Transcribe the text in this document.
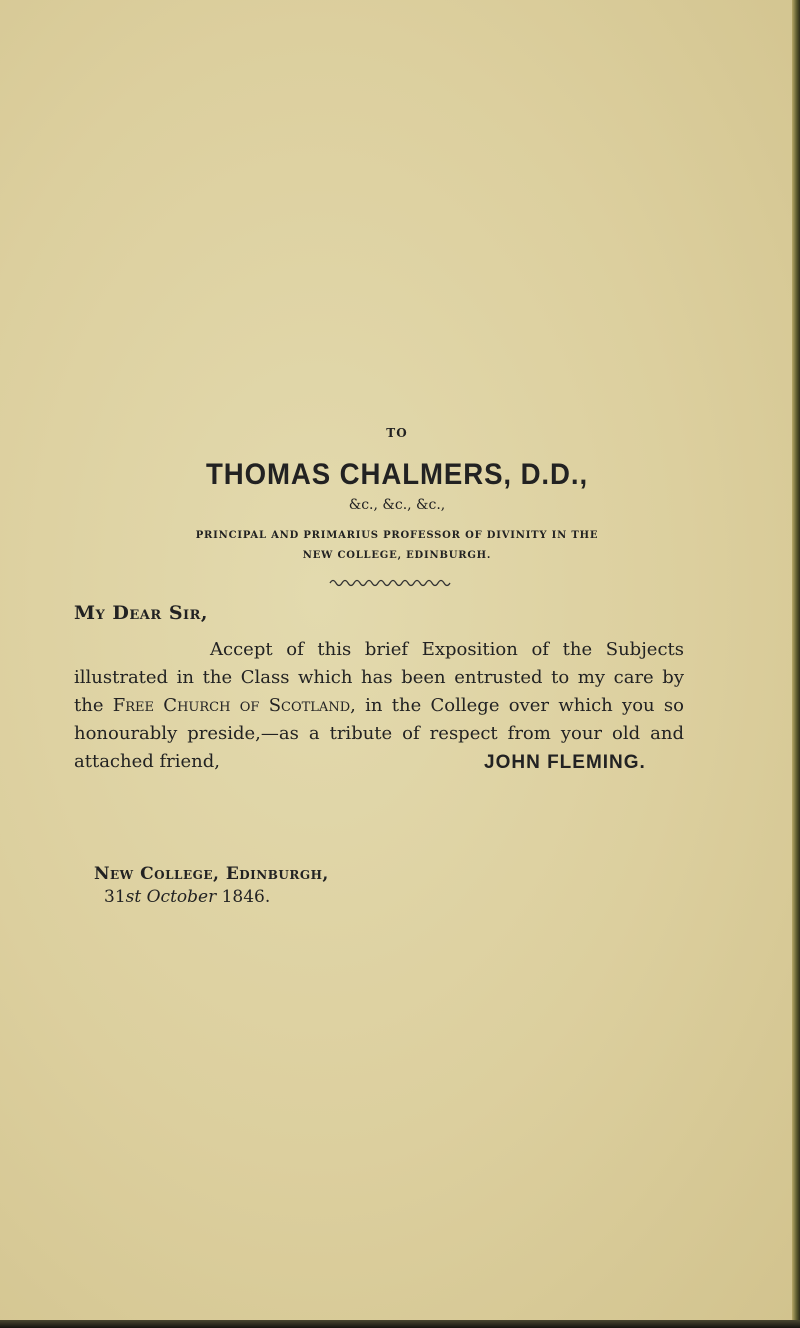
TO
THOMAS CHALMERS, D.D.,
&c., &c., &c.,
PRINCIPAL AND PRIMARIUS PROFESSOR OF DIVINITY IN THE
NEW COLLEGE, EDINBURGH.
My Dear Sir,
Accept of this brief Exposition of the Subjects illustrated in the Class which has been entrusted to my care by the Free Church of Scotland, in the College over which you so honourably preside,—as a tribute of respect from your old and attached friend,	JOHN FLEMING.
New College, Edinburgh,
31st October 1846.
